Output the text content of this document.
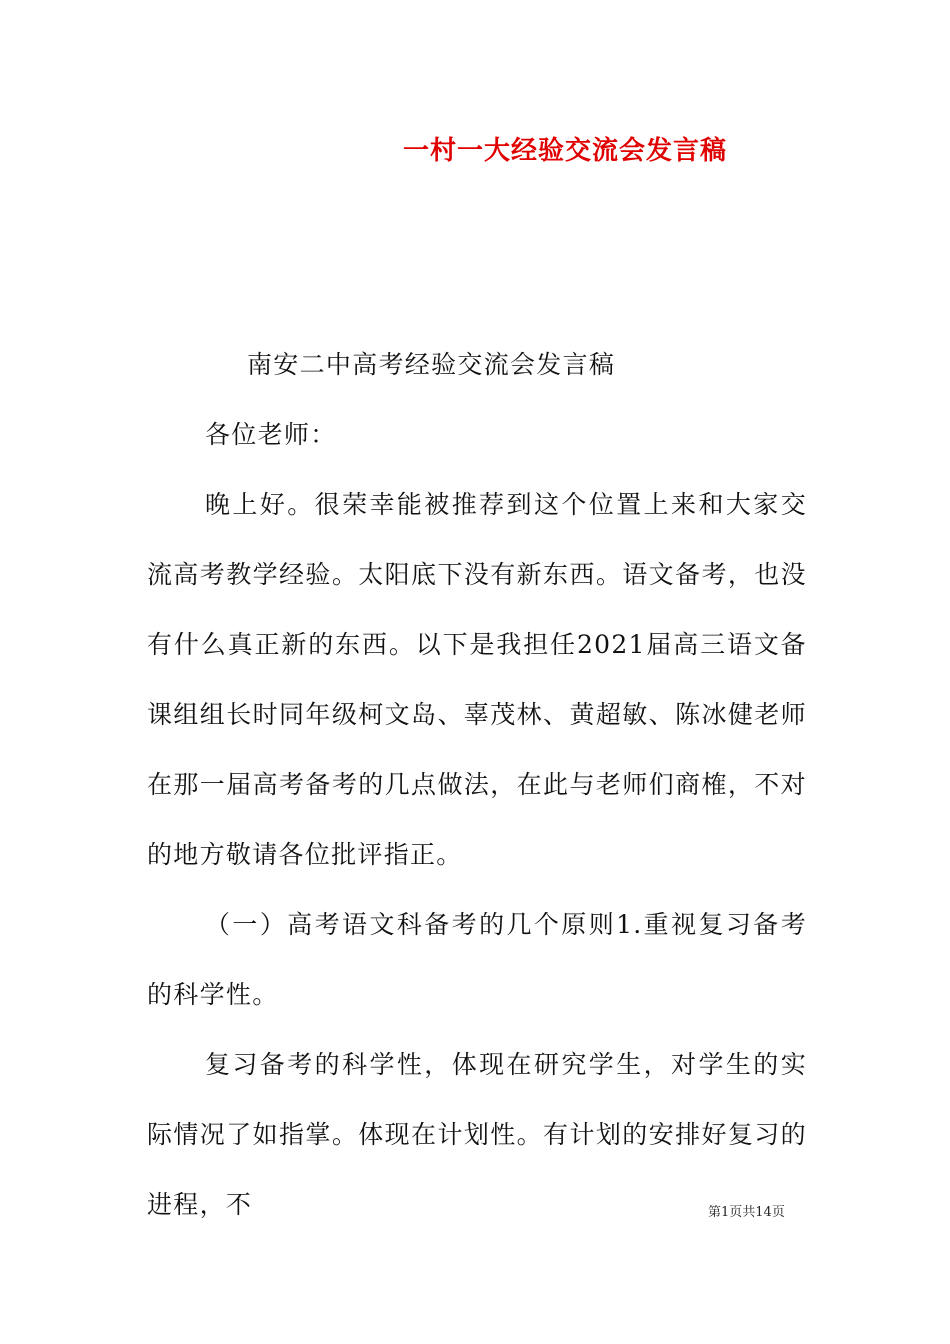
一村一大经验交流会发言稿

南安二中高考经验交流会发言稿

各位老师：

晚上好。很荣幸能被推荐到这个位置上来和大家交流高考教学经验。太阳底下没有新东西。语文备考，也没有什么真正新的东西。以下是我担任2021届高三语文备课组组长时同年级柯文岛、辜茂林、黄超敏、陈冰健老师在那一届高考备考的几点做法，在此与老师们商榷，不对的地方敬请各位批评指正。

（一）高考语文科备考的几个原则1.重视复习备考的科学性。

复习备考的科学性，体现在研究学生，对学生的实际情况了如指掌。体现在计划性。有计划的安排好复习的进程，不	第1页共14页
